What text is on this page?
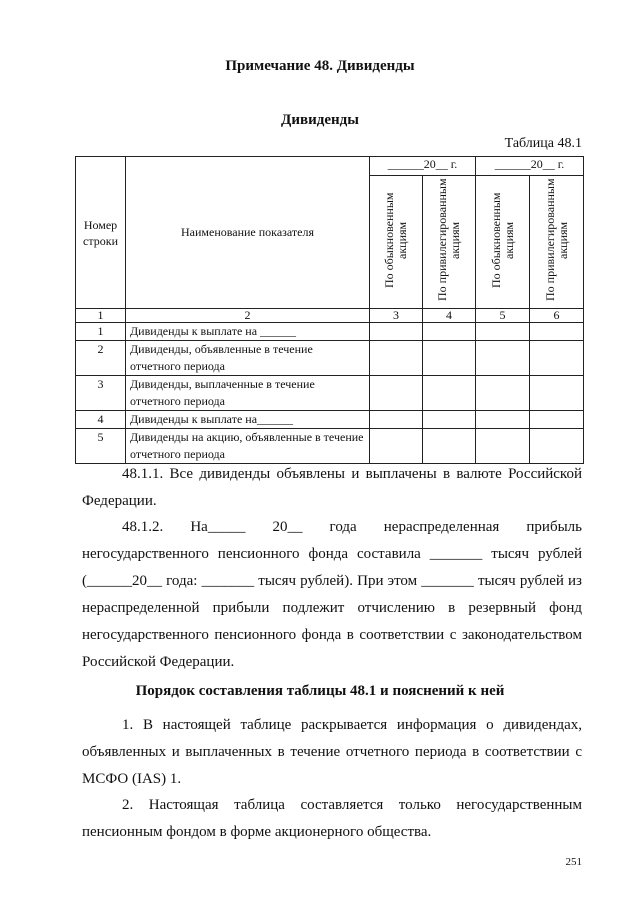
Примечание 48. Дивиденды
Дивиденды
Таблица 48.1
Номер строки	Наименование показателя	______20__ г.		______20__ г.	
		По обыкновенным акциям	По привилегированным акциям	По обыкновенным акциям	По привилегированным акциям
1	2	3	4	5	6
1	Дивиденды к выплате на ______				
2	Дивиденды, объявленные в течение отчетного периода				
3	Дивиденды, выплаченные в течение отчетного периода				
4	Дивиденды к выплате на______				
5	Дивиденды на акцию, объявленные в течение отчетного периода				
48.1.1. Все дивиденды объявлены и выплачены в валюте Российской Федерации.
48.1.2. На_____ 20__ года нераспределенная прибыль негосударственного пенсионного фонда составила _______ тысяч рублей (______20__ года: _______ тысяч рублей). При этом _______ тысяч рублей из нераспределенной прибыли подлежит отчислению в резервный фонд негосударственного пенсионного фонда в соответствии с законодательством Российской Федерации.
Порядок составления таблицы 48.1 и пояснений к ней
1. В настоящей таблице раскрывается информация о дивидендах, объявленных и выплаченных в течение отчетного периода в соответствии с МСФО (IAS) 1.
2. Настоящая таблица составляется только негосударственным пенсионным фондом в форме акционерного общества.
251
